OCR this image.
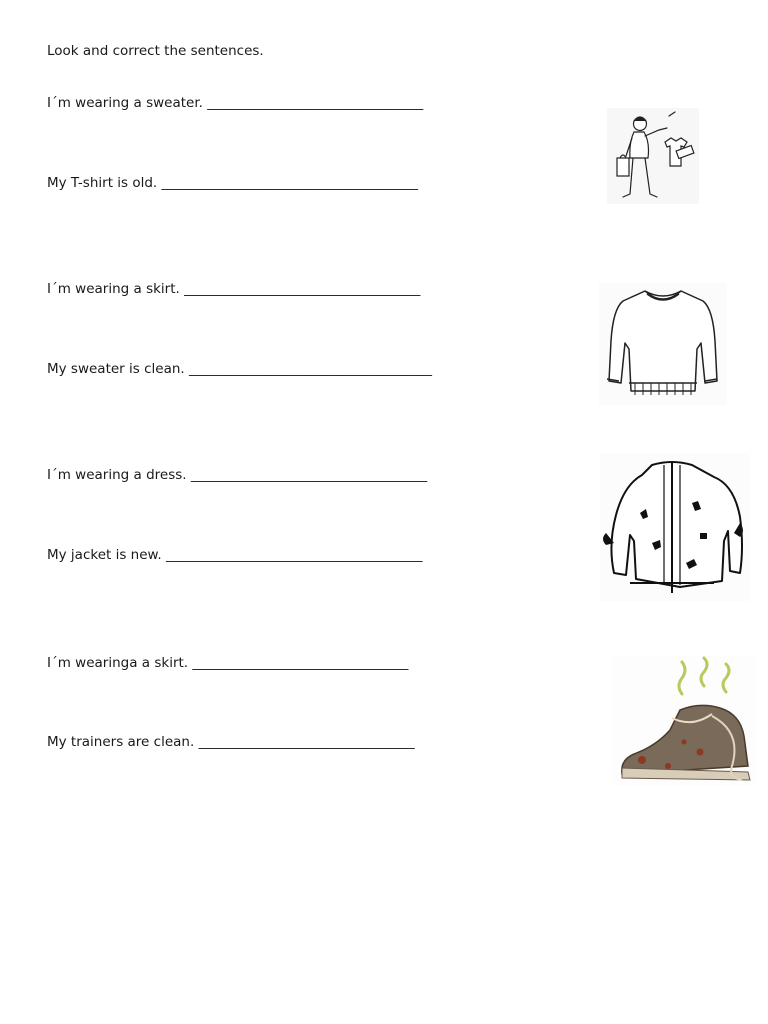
Look and correct the sentences.
I´m wearing a sweater. ________________________________
My T-shirt is old. ______________________________________
I´m wearing a skirt. ___________________________________
My sweater is clean. ____________________________________
I´m wearing a dress. ___________________________________
My jacket is new. ______________________________________
I´m wearinga a skirt. ________________________________
My trainers are clean. ________________________________
